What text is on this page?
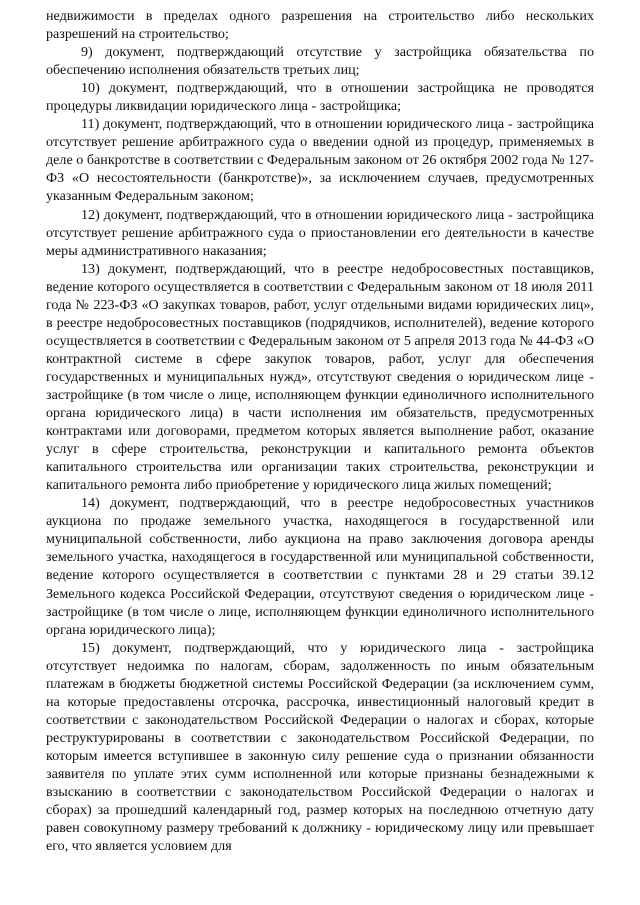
недвижимости в пределах одного разрешения на строительство либо нескольких разрешений на строительство;

9) документ, подтверждающий отсутствие у застройщика обязательства по обеспечению исполнения обязательств третьих лиц;

10) документ, подтверждающий, что в отношении застройщика не проводятся процедуры ликвидации юридического лица - застройщика;

11) документ, подтверждающий, что в отношении юридического лица - застройщика отсутствует решение арбитражного суда о введении одной из процедур, применяемых в деле о банкротстве в соответствии с Федеральным законом от 26 октября 2002 года № 127-ФЗ «О несостоятельности (банкротстве)», за исключением случаев, предусмотренных указанным Федеральным законом;

12) документ, подтверждающий, что в отношении юридического лица - застройщика отсутствует решение арбитражного суда о приостановлении его деятельности в качестве меры административного наказания;

13) документ, подтверждающий, что в реестре недобросовестных поставщиков, ведение которого осуществляется в соответствии с Федеральным законом от 18 июля 2011 года № 223-ФЗ «О закупках товаров, работ, услуг отдельными видами юридических лиц», в реестре недобросовестных поставщиков (подрядчиков, исполнителей), ведение которого осуществляется в соответствии с Федеральным законом от 5 апреля 2013 года № 44-ФЗ «О контрактной системе в сфере закупок товаров, работ, услуг для обеспечения государственных и муниципальных нужд», отсутствуют сведения о юридическом лице - застройщике (в том числе о лице, исполняющем функции единоличного исполнительного органа юридического лица) в части исполнения им обязательств, предусмотренных контрактами или договорами, предметом которых является выполнение работ, оказание услуг в сфере строительства, реконструкции и капитального ремонта объектов капитального строительства или организации таких строительства, реконструкции и капитального ремонта либо приобретение у юридического лица жилых помещений;

14) документ, подтверждающий, что в реестре недобросовестных участников аукциона по продаже земельного участка, находящегося в государственной или муниципальной собственности, либо аукциона на право заключения договора аренды земельного участка, находящегося в государственной или муниципальной собственности, ведение которого осуществляется в соответствии с пунктами 28 и 29 статьи 39.12 Земельного кодекса Российской Федерации, отсутствуют сведения о юридическом лице - застройщике (в том числе о лице, исполняющем функции единоличного исполнительного органа юридического лица);

15) документ, подтверждающий, что у юридического лица - застройщика отсутствует недоимка по налогам, сборам, задолженность по иным обязательным платежам в бюджеты бюджетной системы Российской Федерации (за исключением сумм, на которые предоставлены отсрочка, рассрочка, инвестиционный налоговый кредит в соответствии с законодательством Российской Федерации о налогах и сборах, которые реструктурированы в соответствии с законодательством Российской Федерации, по которым имеется вступившее в законную силу решение суда о признании обязанности заявителя по уплате этих сумм исполненной или которые признаны безнадежными к взысканию в соответствии с законодательством Российской Федерации о налогах и сборах) за прошедший календарный год, размер которых на последнюю отчетную дату равен совокупному размеру требований к должнику - юридическому лицу или превышает его, что является условием для
